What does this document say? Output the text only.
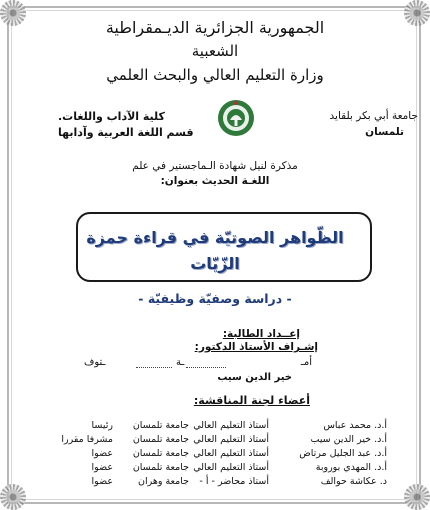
الجمهورية الجزائرية الديـمقراطية
الشعبية
وزارة التعليم العالي والبحث العلمي
جامعة أبي بكر بلقايد
تلمسان
كلية الآداب واللغات.
قسم اللغة العربية وآدابها
مذكرة لنيل شهادة الـماجستير في علم
اللغـة الحديث بعنوان:
الظّواهر الصوتيّة في قراءة حمزة
الزّيّات
- دراسة وصفيّة وظيفيّة -
إعــداد الطالبة:
إشـراف الأستاذ الدكتور:
أمـ
ـة
ـتوف
خير الدين سيب
أعضاء لجنة المناقشة:
أ.د. محمد عباس
أستاذ التعليم العالي
جامعة تلمسان
رئيسا
أ.د. خير الدين سيب
أستاذ التعليم العالي
جامعة تلمسان
مشرفا مقررا
أ.د. عبد الجليل مرتاض
أستاذ التعليم العالي
جامعة تلمسان
عضوا
أ.د. المهدي بوروبة
أستاذ التعليم العالي
جامعة تلمسان
عضوا
د. عكاشة حوالف
أستاذ محاضر - أ -
جامعة وهران
عضوا
